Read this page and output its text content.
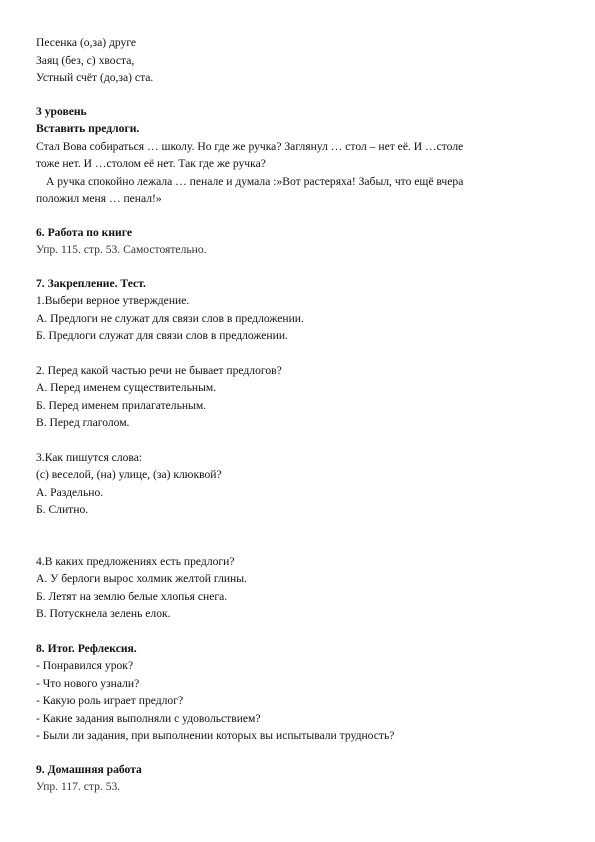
Песенка (о,за) друге
Заяц (без, с) хвоста,
Устный счёт (до,за) ста.
3 уровень
Вставить предлоги.
Стал Вова собираться … школу. Но где же ручка? Заглянул … стол – нет её. И …столе
тоже нет. И …столом её нет. Так где же ручка?
А ручка спокойно лежала … пенале и думала :»Вот растеряха! Забыл, что ещё вчера
положил меня … пенал!»
6. Работа по книге
Упр. 115. стр. 53. Самостоятельно.
7. Закрепление. Тест.
1.Выбери верное утверждение.
А. Предлоги не служат для связи слов в предложении.
Б. Предлоги служат для связи слов в предложении.
2. Перед какой частью речи не бывает предлогов?
А. Перед именем существительным.
Б. Перед именем прилагательным.
В. Перед глаголом.
3.Как пишутся слова:
(с) веселой, (на) улице, (за) клюквой?
А. Раздельно.
Б. Слитно.
4.В каких предложениях есть предлоги?
А. У берлоги вырос холмик желтой глины.
Б. Летят на землю белые хлопья снега.
В. Потускнела зелень елок.
8. Итог. Рефлексия.
- Понравился урок?
- Что нового узнали?
- Какую роль играет предлог?
- Какие задания выполняли с удовольствием?
- Были ли задания, при выполнении которых вы испытывали трудность?
9. Домашняя работа
Упр. 117. стр. 53.
